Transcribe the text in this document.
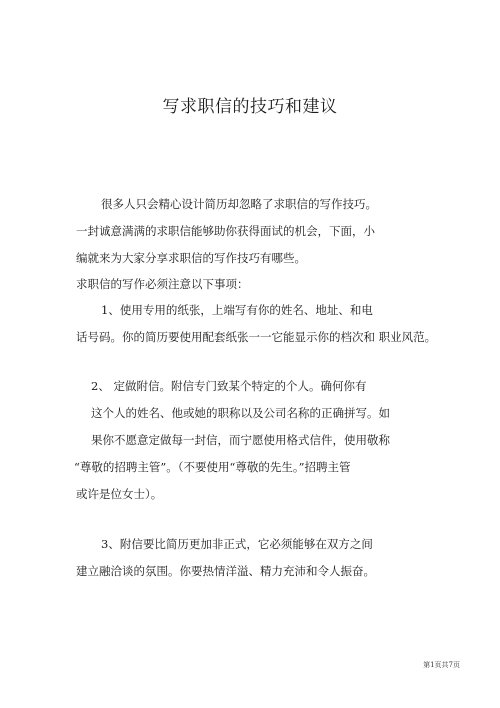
写求职信的技巧和建议
很多人只会精心设计简历却忽略了求职信的写作技巧。
一封诚意满满的求职信能够助你获得面试的机会，下面，小
编就来为大家分享求职信的写作技巧有哪些。
求职信的写作必须注意以下事项：
1、使用专用的纸张，上端写有你的姓名、地址、和电
话号码。你的简历要使用配套纸张一一它能显示你的档次和 职业风范。
2、 定做附信。附信专门致某个特定的个人。确何你有
这个人的姓名、他或她的职称以及公司名称的正确拼写。如
果你不愿意定做每一封信，而宁愿使用格式信件，使用敬称
“尊敬的招聘主管”。（不要使用“尊敬的先生。”招聘主管
或许是位女士）。
3、附信要比简历更加非正式，它必须能够在双方之间
建立融洽谈的氛围。你要热情洋溢、精力充沛和令人振奋。
第1页共7页
